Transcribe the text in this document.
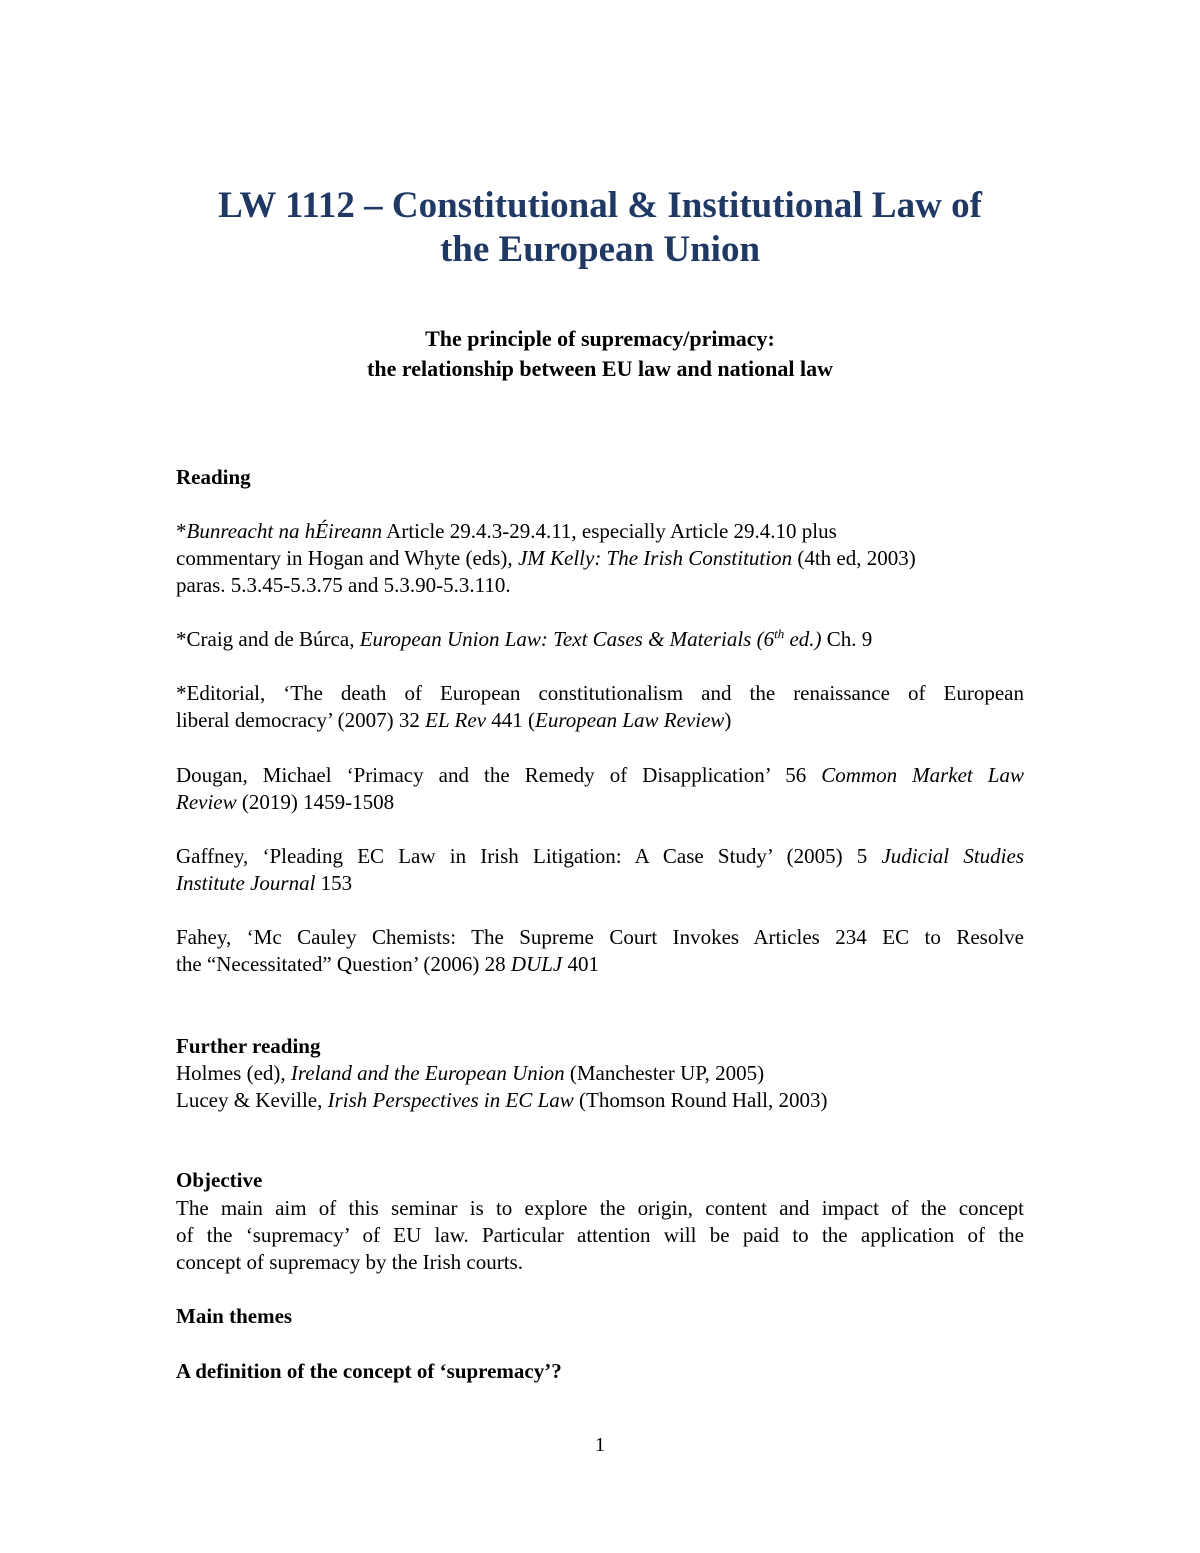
LW 1112 – Constitutional & Institutional Law of
the European Union
The principle of supremacy/primacy:
the relationship between EU law and national law
Reading
*Bunreacht na hÉireann Article 29.4.3-29.4.11, especially Article 29.4.10 plus
commentary in Hogan and Whyte (eds), JM Kelly: The Irish Constitution (4th ed, 2003)
paras. 5.3.45-5.3.75 and 5.3.90-5.3.110.
*Craig and de Búrca, European Union Law: Text Cases & Materials (6th ed.) Ch. 9
*Editorial, ‘The death of European constitutionalism and the renaissance of European
liberal democracy’ (2007) 32 EL Rev 441 (European Law Review)
Dougan, Michael ‘Primacy and the Remedy of Disapplication’ 56 Common Market Law
Review (2019) 1459-1508
Gaffney, ‘Pleading EC Law in Irish Litigation: A Case Study’ (2005) 5 Judicial Studies
Institute Journal 153
Fahey, ‘Mc Cauley Chemists: The Supreme Court Invokes Articles 234 EC to Resolve
the “Necessitated” Question’ (2006) 28 DULJ 401
Further reading
Holmes (ed), Ireland and the European Union (Manchester UP, 2005)
Lucey & Keville, Irish Perspectives in EC Law (Thomson Round Hall, 2003)
Objective
The main aim of this seminar is to explore the origin, content and impact of the concept
of the ‘supremacy’ of EU law. Particular attention will be paid to the application of the
concept of supremacy by the Irish courts.
Main themes
A definition of the concept of ‘supremacy’?
1
